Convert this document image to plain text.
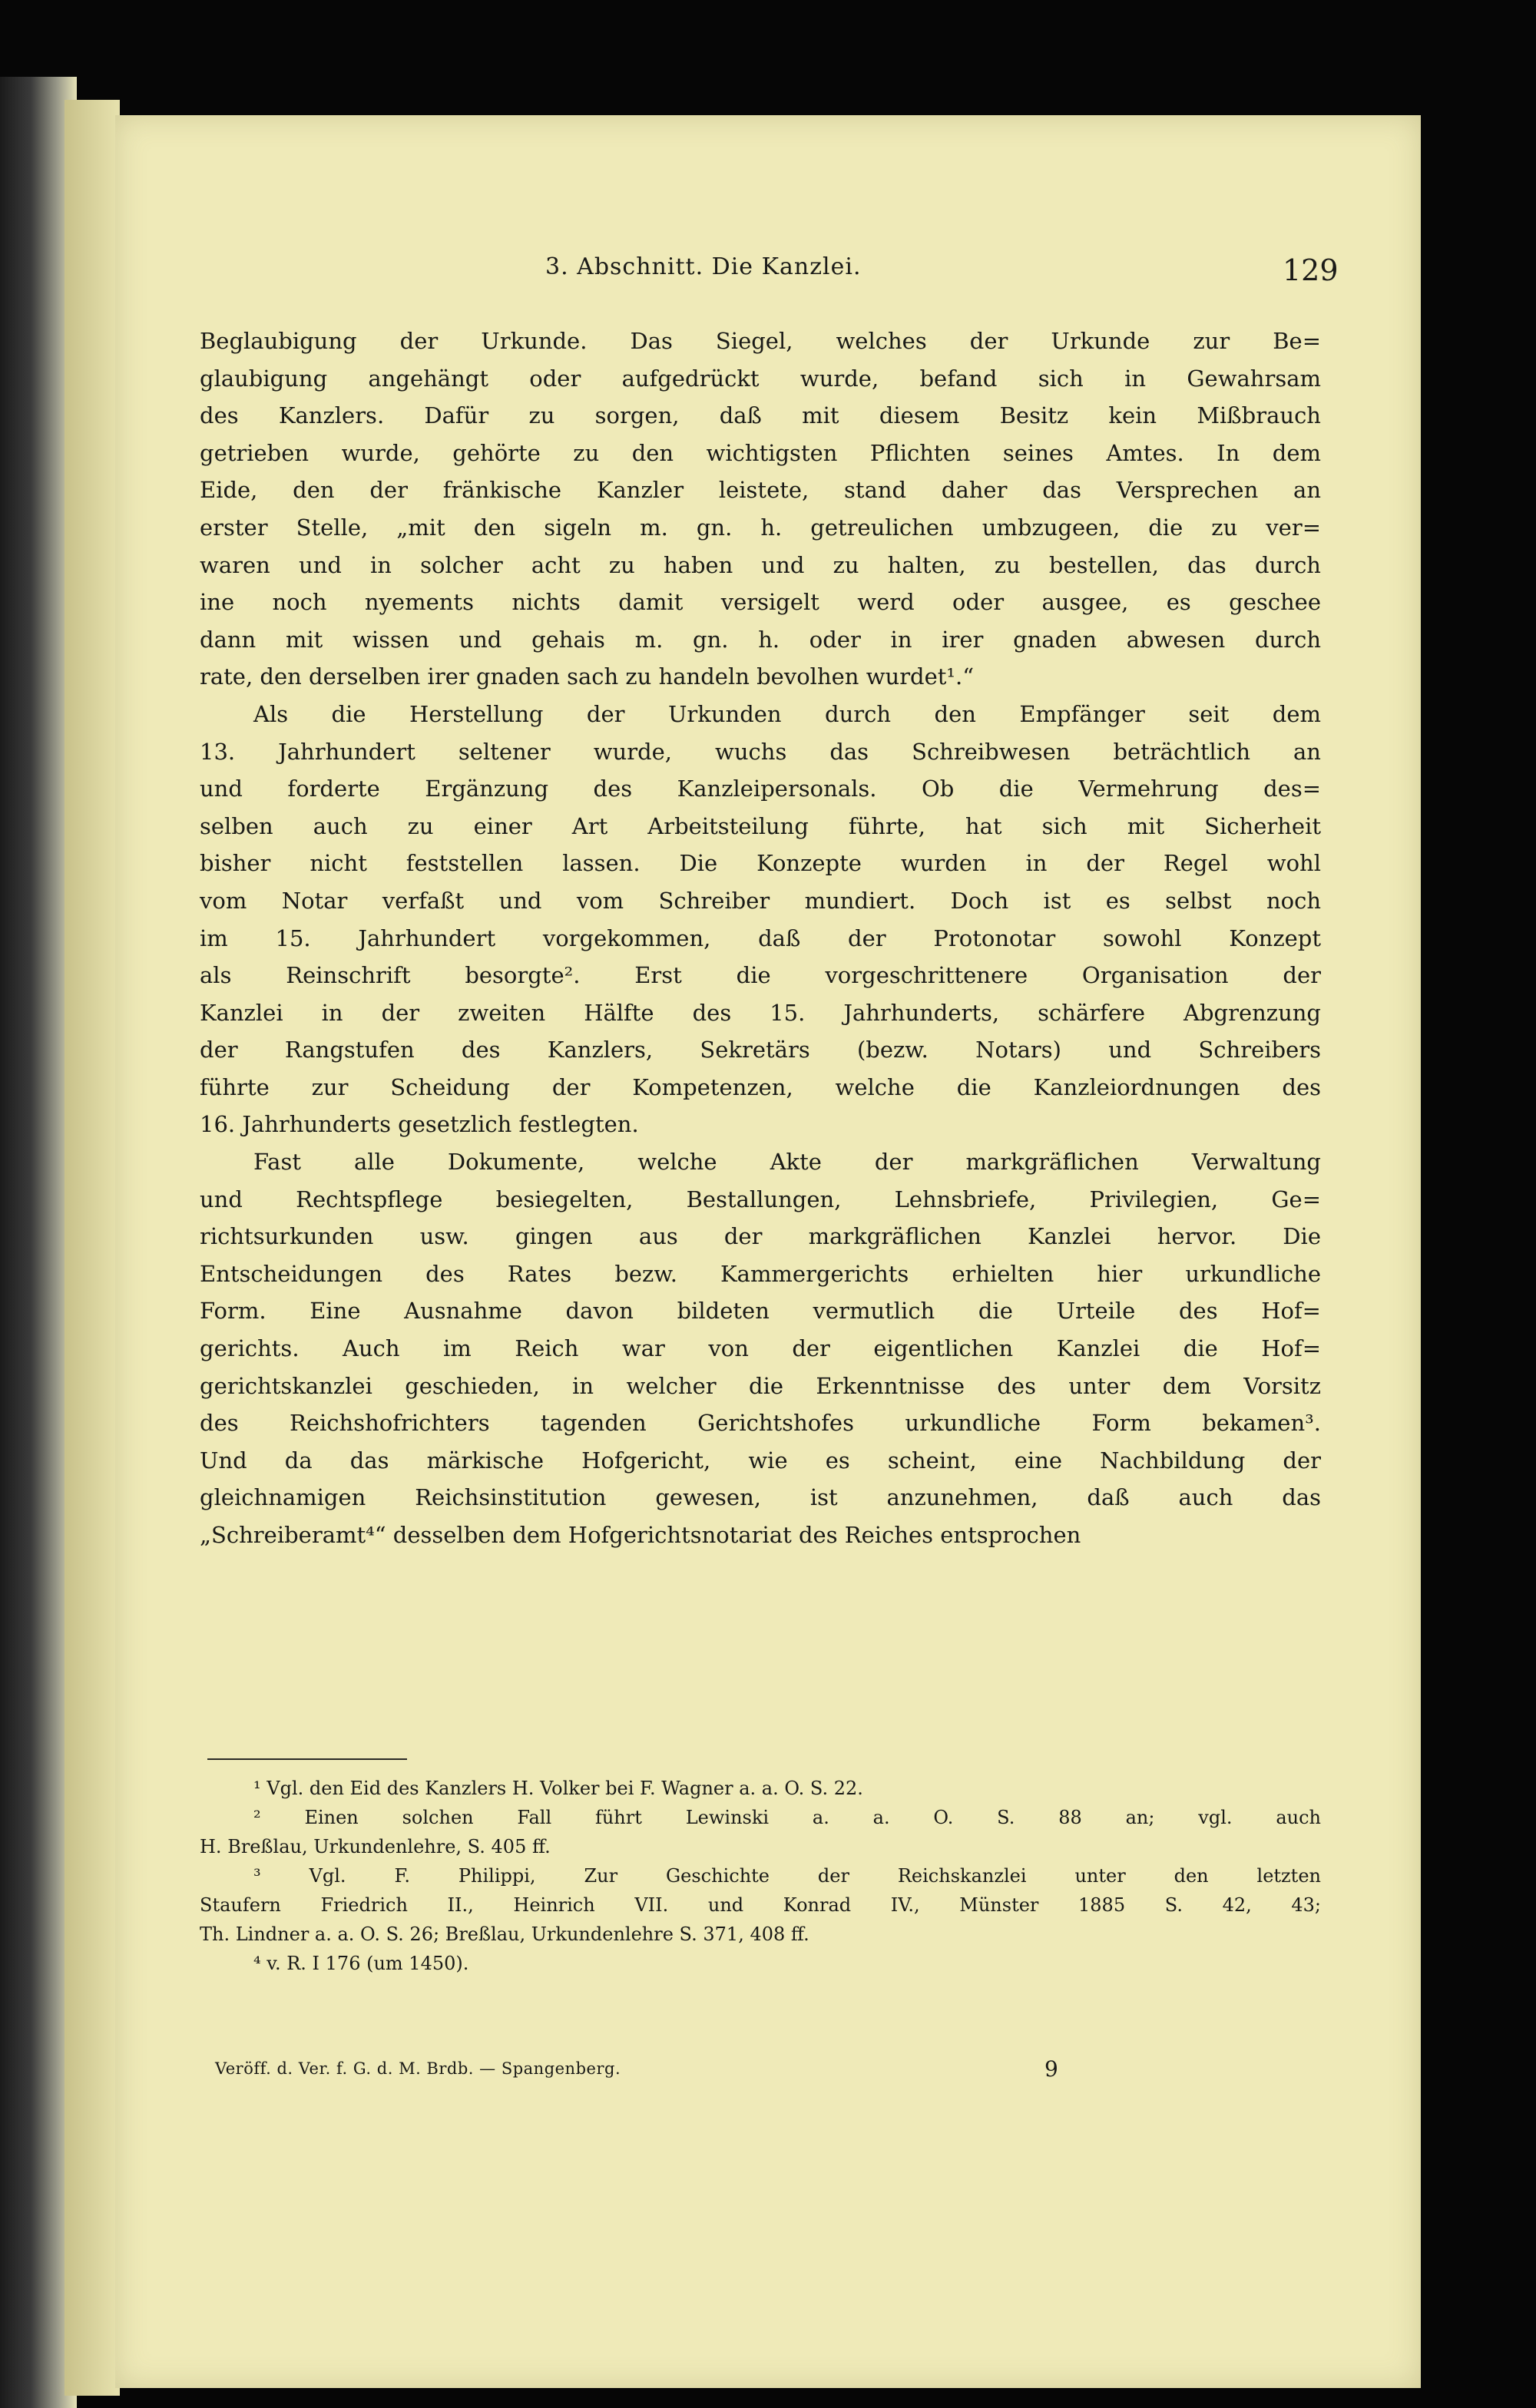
3. Abschnitt. Die Kanzlei.	129
Beglaubigung der Urkunde. Das Siegel, welches der Urkunde zur Be=
glaubigung angehängt oder aufgedrückt wurde, befand sich in Gewahrsam
des Kanzlers. Dafür zu sorgen, daß mit diesem Besitz kein Mißbrauch
getrieben wurde, gehörte zu den wichtigsten Pflichten seines Amtes. In dem
Eide, den der fränkische Kanzler leistete, stand daher das Versprechen an
erster Stelle, „mit den sigeln m. gn. h. getreulichen umbzugeen, die zu ver=
waren und in solcher acht zu haben und zu halten, zu bestellen, das durch
ine noch nyements nichts damit versigelt werd oder ausgee, es geschee
dann mit wissen und gehais m. gn. h. oder in irer gnaden abwesen durch
rate, den derselben irer gnaden sach zu handeln bevolhen wurdet¹.“
Als die Herstellung der Urkunden durch den Empfänger seit dem
13. Jahrhundert seltener wurde, wuchs das Schreibwesen beträchtlich an
und forderte Ergänzung des Kanzleipersonals. Ob die Vermehrung des=
selben auch zu einer Art Arbeitsteilung führte, hat sich mit Sicherheit
bisher nicht feststellen lassen. Die Konzepte wurden in der Regel wohl
vom Notar verfaßt und vom Schreiber mundiert. Doch ist es selbst noch
im 15. Jahrhundert vorgekommen, daß der Protonotar sowohl Konzept
als Reinschrift besorgte². Erst die vorgeschrittenere Organisation der
Kanzlei in der zweiten Hälfte des 15. Jahrhunderts, schärfere Abgrenzung
der Rangstufen des Kanzlers, Sekretärs (bezw. Notars) und Schreibers
führte zur Scheidung der Kompetenzen, welche die Kanzleiordnungen des
16. Jahrhunderts gesetzlich festlegten.
Fast alle Dokumente, welche Akte der markgräflichen Verwaltung
und Rechtspflege besiegelten, Bestallungen, Lehnsbriefe, Privilegien, Ge=
richtsurkunden usw. gingen aus der markgräflichen Kanzlei hervor. Die
Entscheidungen des Rates bezw. Kammergerichts erhielten hier urkundliche
Form. Eine Ausnahme davon bildeten vermutlich die Urteile des Hof=
gerichts. Auch im Reich war von der eigentlichen Kanzlei die Hof=
gerichtskanzlei geschieden, in welcher die Erkenntnisse des unter dem Vorsitz
des Reichshofrichters tagenden Gerichtshofes urkundliche Form bekamen³.
Und da das märkische Hofgericht, wie es scheint, eine Nachbildung der
gleichnamigen Reichsinstitution gewesen, ist anzunehmen, daß auch das
„Schreiberamt⁴“ desselben dem Hofgerichtsnotariat des Reiches entsprochen
¹ Vgl. den Eid des Kanzlers H. Volker bei F. Wagner a. a. O. S. 22.
² Einen solchen Fall führt Lewinski a. a. O. S. 88 an; vgl. auch
H. Breßlau, Urkundenlehre, S. 405 ff.
³ Vgl. F. Philippi, Zur Geschichte der Reichskanzlei unter den letzten
Staufern Friedrich II., Heinrich VII. und Konrad IV., Münster 1885 S. 42, 43;
Th. Lindner a. a. O. S. 26; Breßlau, Urkundenlehre S. 371, 408 ff.
⁴ v. R. I 176 (um 1450).
Veröff. d. Ver. f. G. d. M. Brdb. — Spangenberg.	9
